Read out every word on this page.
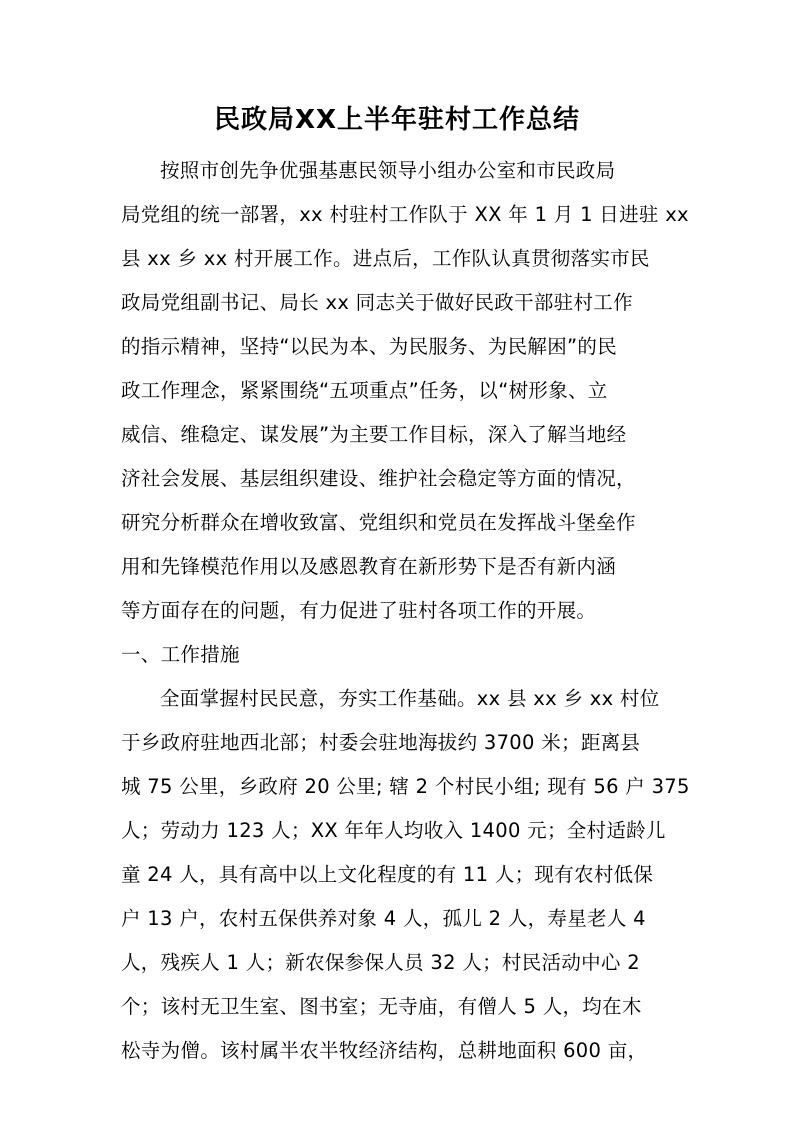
民政局XX上半年驻村工作总结
按照市创先争优强基惠民领导小组办公室和市民政局
局党组的统一部署，xx 村驻村工作队于 XX 年 1 月 1 日进驻 xx
县 xx 乡 xx 村开展工作。进点后，工作队认真贯彻落实市民
政局党组副书记、局长 xx 同志关于做好民政干部驻村工作
的指示精神，坚持“以民为本、为民服务、为民解困”的民
政工作理念，紧紧围绕“五项重点”任务，以“树形象、立
威信、维稳定、谋发展”为主要工作目标，深入了解当地经
济社会发展、基层组织建设、维护社会稳定等方面的情况，
研究分析群众在增收致富、党组织和党员在发挥战斗堡垒作
用和先锋模范作用以及感恩教育在新形势下是否有新内涵
等方面存在的问题，有力促进了驻村各项工作的开展。
一、工作措施
全面掌握村民民意，夯实工作基础。xx 县 xx 乡 xx 村位
于乡政府驻地西北部；村委会驻地海拔约 3700 米；距离县
城 75 公里，乡政府 20 公里; 辖 2 个村民小组; 现有 56 户 375
人；劳动力 123 人；XX 年年人均收入 1400 元；全村适龄儿
童 24 人，具有高中以上文化程度的有 11 人；现有农村低保
户 13 户，农村五保供养对象 4 人，孤儿 2 人，寿星老人 4
人，残疾人 1 人；新农保参保人员 32 人；村民活动中心 2
个；该村无卫生室、图书室；无寺庙，有僧人 5 人，均在木
松寺为僧。该村属半农半牧经济结构，总耕地面积 600 亩，
